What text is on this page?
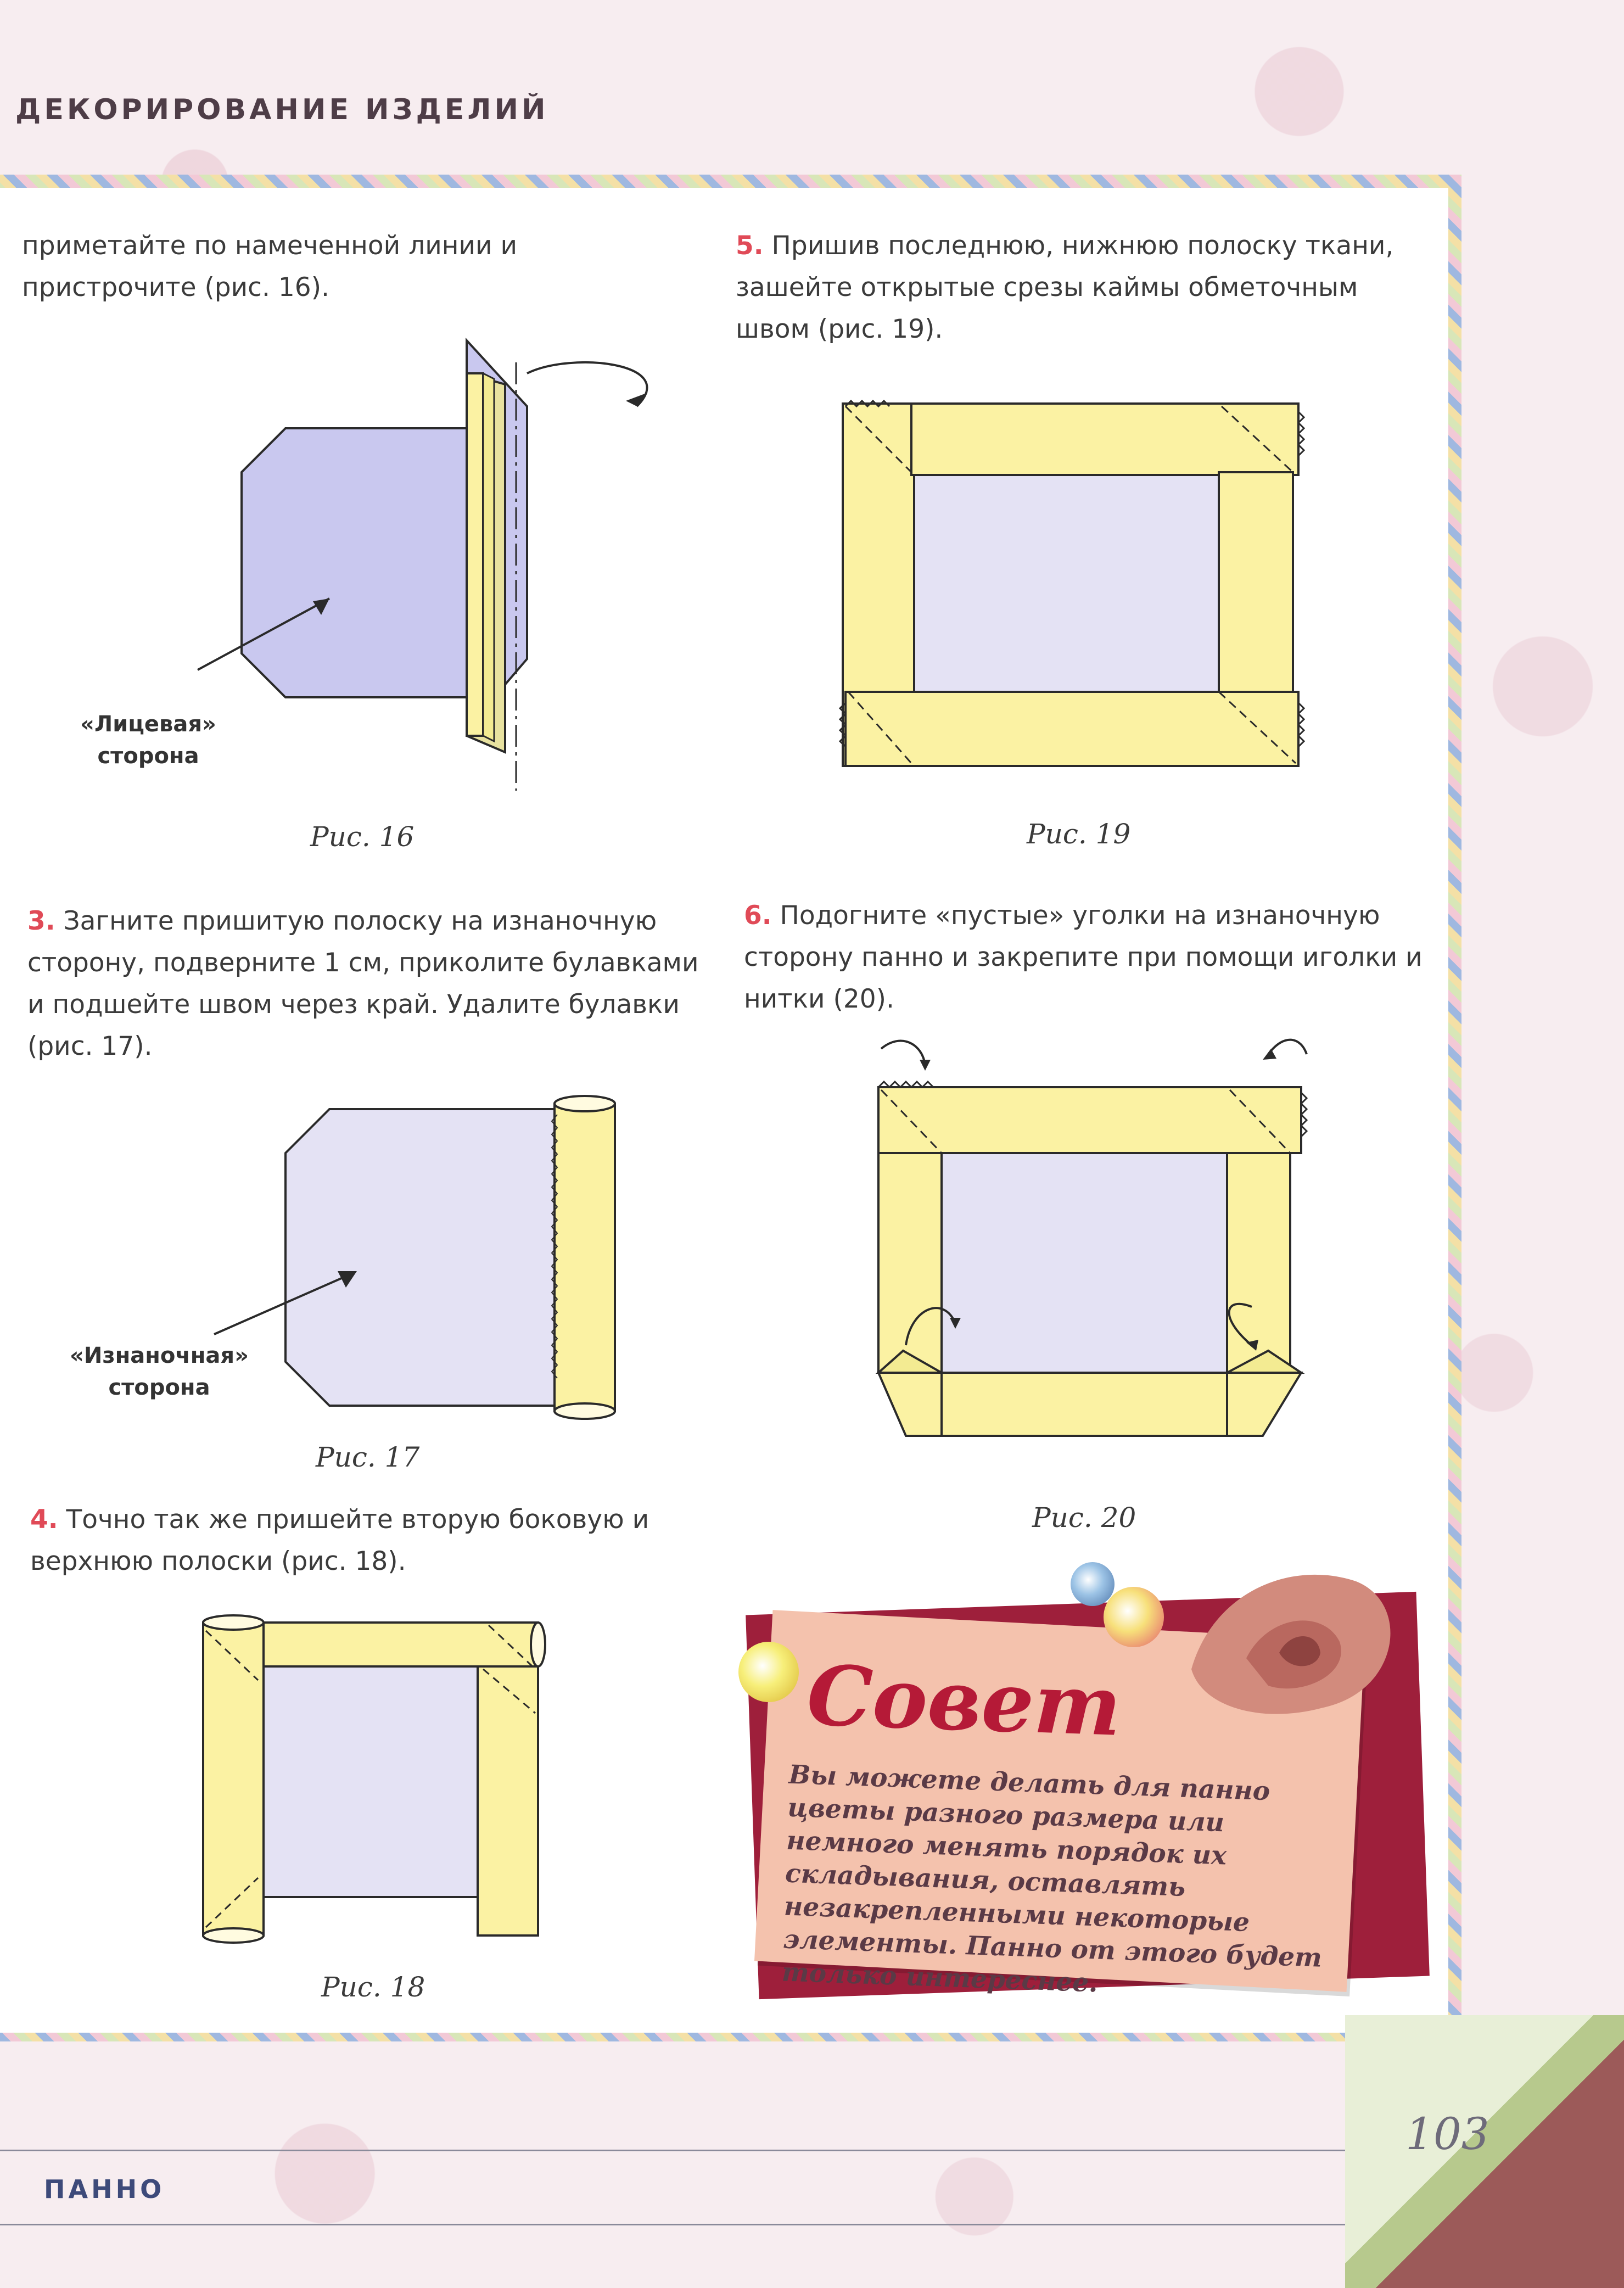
ДЕКОРИРОВАНИЕ ИЗДЕЛИЙ

приметайте по намеченной линии и пристрочите (рис. 16).

«Лицевая»
сторона
Рис. 16

3. Загните пришитую полоску на изнаночную сторону, подверните 1 см, приколите булавками и подшейте швом через край. Удалите булавки (рис. 17).

«Изнаночная»
сторона
Рис. 17

4. Точно так же пришейте вторую боковую и верхнюю полоски (рис. 18).

Рис. 18

5. Пришив последнюю, нижнюю полоску ткани, зашейте открытые срезы каймы обметочным швом (рис. 19).

Рис. 19

6. Подогните «пустые» уголки на изнаночную сторону панно и закрепите при помощи иголки и нитки (20).

Рис. 20
Совет

Вы можете делать для панно цветы разного размера или немного менять порядок их складывания, оставлять незакрепленными некоторые элементы. Панно от этого будет только интереснее.

ПАННО
103
